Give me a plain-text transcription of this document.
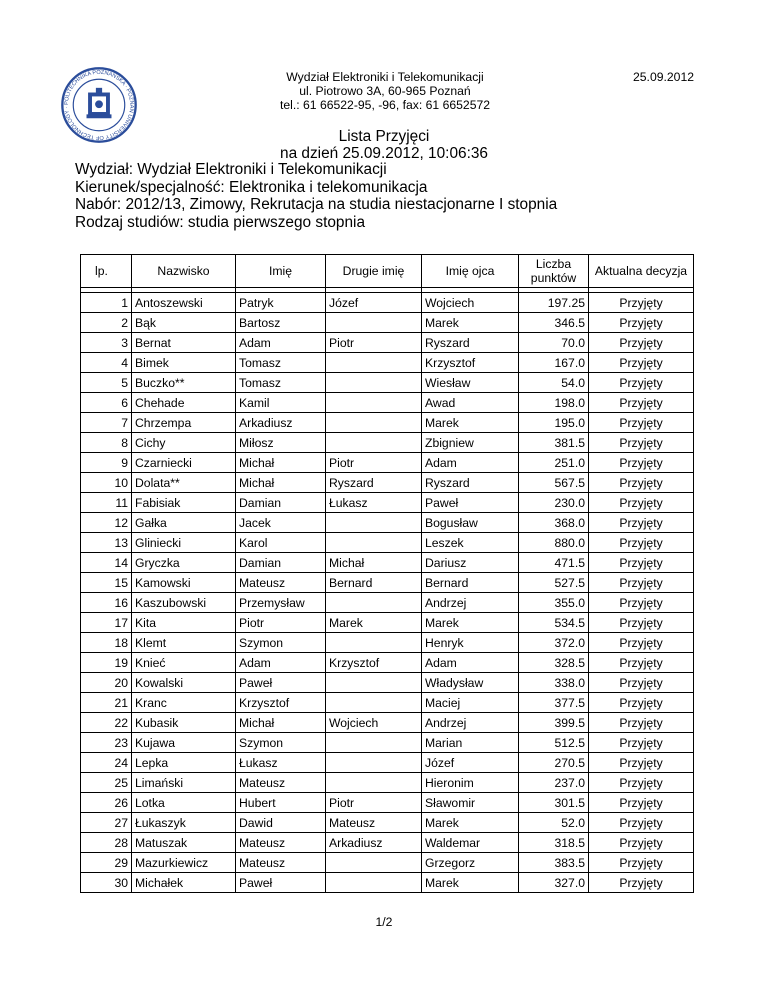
POLITECHNIKA POZNAŃSKA · POZNAN UNIVERSITY OF TECHNOLOGY ·
Wydział Elektroniki i Telekomunikacji
ul. Piotrowo 3A, 60-965 Poznań
tel.: 61 66522-95, -96, fax: 61 6652572
25.09.2012
Lista Przyjęci
na dzień 25.09.2012, 10:06:36
Wydział: Wydział Elektroniki i Telekomunikacji
Kierunek/specjalność: Elektronika i telekomunikacja
Nabór: 2012/13, Zimowy, Rekrutacja na studia niestacjonarne I stopnia
Rodzaj studiów: studia pierwszego stopnia
lp.	Nazwisko	Imię	Drugie imię	Imię ojca	Liczba
punktów	Aktualna decyzja

1	Antoszewski	Patryk	Józef	Wojciech	197.25	Przyjęty
2	Bąk	Bartosz		Marek	346.5	Przyjęty
3	Bernat	Adam	Piotr	Ryszard	70.0	Przyjęty
4	Bimek	Tomasz		Krzysztof	167.0	Przyjęty
5	Buczko**	Tomasz		Wiesław	54.0	Przyjęty
6	Chehade	Kamil		Awad	198.0	Przyjęty
7	Chrzempa	Arkadiusz		Marek	195.0	Przyjęty
8	Cichy	Miłosz		Zbigniew	381.5	Przyjęty
9	Czarniecki	Michał	Piotr	Adam	251.0	Przyjęty
10	Dolata**	Michał	Ryszard	Ryszard	567.5	Przyjęty
11	Fabisiak	Damian	Łukasz	Paweł	230.0	Przyjęty
12	Gałka	Jacek		Bogusław	368.0	Przyjęty
13	Gliniecki	Karol		Leszek	880.0	Przyjęty
14	Gryczka	Damian	Michał	Dariusz	471.5	Przyjęty
15	Kamowski	Mateusz	Bernard	Bernard	527.5	Przyjęty
16	Kaszubowski	Przemysław		Andrzej	355.0	Przyjęty
17	Kita	Piotr	Marek	Marek	534.5	Przyjęty
18	Klemt	Szymon		Henryk	372.0	Przyjęty
19	Knieć	Adam	Krzysztof	Adam	328.5	Przyjęty
20	Kowalski	Paweł		Władysław	338.0	Przyjęty
21	Kranc	Krzysztof		Maciej	377.5	Przyjęty
22	Kubasik	Michał	Wojciech	Andrzej	399.5	Przyjęty
23	Kujawa	Szymon		Marian	512.5	Przyjęty
24	Lepka	Łukasz		Józef	270.5	Przyjęty
25	Limański	Mateusz		Hieronim	237.0	Przyjęty
26	Lotka	Hubert	Piotr	Sławomir	301.5	Przyjęty
27	Łukaszyk	Dawid	Mateusz	Marek	52.0	Przyjęty
28	Matuszak	Mateusz	Arkadiusz	Waldemar	318.5	Przyjęty
29	Mazurkiewicz	Mateusz		Grzegorz	383.5	Przyjęty
30	Michałek	Paweł		Marek	327.0	Przyjęty
1/2
